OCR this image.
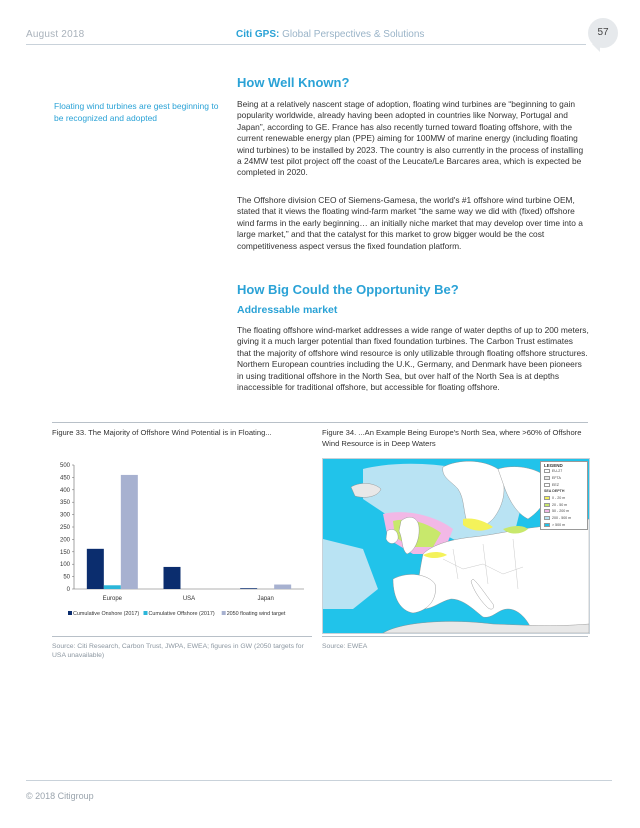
August 2018	Citi GPS: Global Perspectives & Solutions	57
Floating wind turbines are gest beginning to be recognized and adopted
How Well Known?

Being at a relatively nascent stage of adoption, floating wind turbines are “beginning to gain popularity worldwide, already having been adopted in countries like Norway, Portugal and Japan”, according to GE. France has also recently turned toward floating offshore, with the current renewable energy plan (PPE) aiming for 100MW of marine energy (including floating wind turbines) to be installed by 2023. The country is also currently in the process of installing a 24MW test pilot project off the coast of the Leucate/Le Barcares area, which is expected be completed in 2020.

The Offshore division CEO of Siemens-Gamesa, the world's #1 offshore wind turbine OEM, stated that it views the floating wind-farm market “the same way we did with (fixed) offshore wind farms in the early beginning… an initially niche market that may develop over time into a large market,” and that the catalyst for this market to grow bigger would be the cost competitiveness aspect versus the fixed foundation platform.

How Big Could the Opportunity Be?
Addressable market

The floating offshore wind-market addresses a wide range of water depths of up to 200 meters, giving it a much larger potential than fixed foundation turbines. The Carbon Trust estimates that the majority of offshore wind resource is only utilizable through floating offshore structures. Northern European countries including the U.K., Germany, and Denmark have been pioneers in using traditional offshore in the North Sea, but over half of the North Sea is at depths inaccessible for traditional offshore, but accessible for floating offshore.

Figure 33. The Majority of Offshore Wind Potential is in Floating...
0
50
100
150
200
250
300
350
400
450
500
Europe	USA	Japan
Cumulative Onshore (2017) Cumulative Offshore (2017) 2050 floating wind target
Source: Citi Research, Carbon Trust, JWPA, EWEA; figures in GW (2050 targets for USA unavailable)
Figure 34. ...An Example Being Europe's North Sea, where >60% of Offshore Wind Resource is in Deep Waters
LEGEND
EU-27
EFTA
EEZ
SEA DEPTH
0 - 20 m
20 - 50 m
50 - 200 m
200 - 500 m
> 500 m
Source: EWEA
© 2018 Citigroup
